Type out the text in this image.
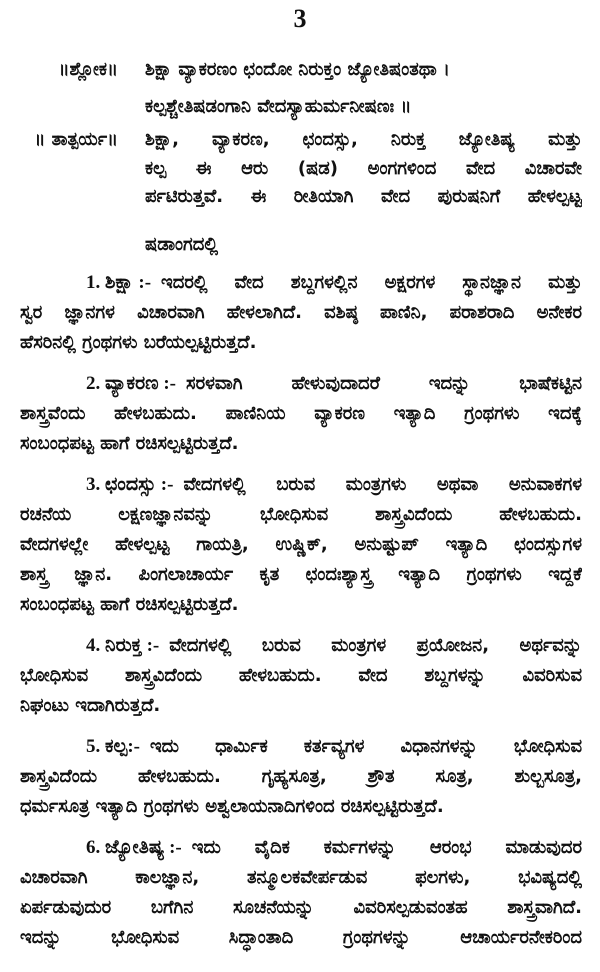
3
॥ಶ್ಲೋಕ॥ ಶಿಕ್ಷಾ ವ್ಯಾಕರಣಂ ಛಂದೋ ನಿರುಕ್ತಂ ಜ್ಯೋತಿಷಂತಥಾ ।
ಕಲ್ಪಶ್ಚೇತಿಷಡಂಗಾನಿ ವೇದಸ್ಯಾಹುರ್ಮನೀಷಣಃ ॥
॥ ತಾತ್ಪರ್ಯ॥ ಶಿಕ್ಷಾ, ವ್ಯಾಕರಣ, ಛಂದಸ್ಸು, ನಿರುಕ್ತ ಜ್ಯೋತಿಷ್ಯ ಮತ್ತು
ಕಲ್ಪ ಈ ಆರು (ಷಡ) ಅಂಗಗಳಿಂದ ವೇದ ವಿಚಾರವೇ
ರ್ಪಟಿರುತ್ತವೆ. ಈ ರೀತಿಯಾಗಿ ವೇದ ಪುರುಷನಿಗೆ ಹೇಳಲ್ಪಟ್ಟ
ಷಡಾಂಗದಲ್ಲಿ
1. ಶಿಕ್ಷಾ :- ಇದರಲ್ಲಿ ವೇದ ಶಬ್ದಗಳಲ್ಲಿನ ಅಕ್ಷರಗಳ ಸ್ಥಾನಜ್ಞಾನ ಮತ್ತು
ಸ್ವರ ಜ್ಞಾನಗಳ ವಿಚಾರವಾಗಿ ಹೇಳಲಾಗಿದೆ. ವಶಿಷ್ಠ ಪಾಣಿನಿ, ಪರಾಶರಾದಿ ಅನೇಕರ
ಹೆಸರಿನಲ್ಲಿ ಗ್ರಂಥಗಳು ಬರೆಯಲ್ಪಟ್ಟಿರುತ್ತದೆ.
2. ವ್ಯಾಕರಣ :- ಸರಳವಾಗಿ ಹೇಳುವುದಾದರೆ ಇದನ್ನು ಭಾಷೆಕಟ್ಟಿನ
ಶಾಸ್ತ್ರವೆಂದು ಹೇಳಬಹುದು. ಪಾಣಿನಿಯ ವ್ಯಾಕರಣ ಇತ್ಯಾದಿ ಗ್ರಂಥಗಳು ಇದಕ್ಕೆ
ಸಂಬಂಧಪಟ್ಟ ಹಾಗೆ ರಚಿಸಲ್ಪಟ್ಟಿರುತ್ತದೆ.
3. ಛಂದಸ್ಸು :- ವೇದಗಳಲ್ಲಿ ಬರುವ ಮಂತ್ರಗಳು ಅಥವಾ ಅನುವಾಕಗಳ
ರಚನೆಯ ಲಕ್ಷಣಜ್ಞಾನವನ್ನು ಭೋಧಿಸುವ ಶಾಸ್ತ್ರವಿದೆಂದು ಹೇಳಬಹುದು.
ವೇದಗಳಲ್ಲೇ ಹೇಳಲ್ಪಟ್ಟ ಗಾಯತ್ರಿ, ಉಷ್ಣಿಕ್, ಅನುಷ್ಟುಪ್ ಇತ್ಯಾದಿ ಛಂದಸ್ಸುಗಳ
ಶಾಸ್ತ್ರ ಜ್ಞಾನ. ಪಿಂಗಲಾಚಾರ್ಯ ಕೃತ ಛಂದಃಶ್ಯಾಸ್ತ್ರ ಇತ್ಯಾದಿ ಗ್ರಂಥಗಳು ಇದ್ದಕೆ
ಸಂಬಂಧಪಟ್ಟ ಹಾಗೆ ರಚಿಸಲ್ಪಟ್ಟಿರುತ್ತದೆ.
4. ನಿರುಕ್ತ :- ವೇದಗಳಲ್ಲಿ ಬರುವ ಮಂತ್ರಗಳ ಪ್ರಯೋಜನ, ಅರ್ಥವನ್ನು
ಭೋಧಿಸುವ ಶಾಸ್ತ್ರವಿದೆಂದು ಹೇಳಬಹುದು. ವೇದ ಶಬ್ದಗಳನ್ನು ವಿವರಿಸುವ
ನಿಘಂಟು ಇದಾಗಿರುತ್ತದೆ.
5. ಕಲ್ಪ:- ಇದು ಧಾರ್ಮಿಕ ಕರ್ತವ್ಯಗಳ ವಿಧಾನಗಳನ್ನು ಭೋಧಿಸುವ
ಶಾಸ್ತ್ರವಿದೆಂದು ಹೇಳಬಹುದು. ಗೃಹ್ಯಸೂತ್ರ, ಶ್ರೌತ ಸೂತ್ರ, ಶುಲ್ಬಸೂತ್ರ,
ಧರ್ಮಸೂತ್ರ ಇತ್ಯಾದಿ ಗ್ರಂಥಗಳು ಅಶ್ವಲಾಯನಾದಿಗಳಿಂದ ರಚಿಸಲ್ಪಟ್ಟಿರುತ್ತದೆ.
6. ಜ್ಯೋತಿಷ್ಯ :- ಇದು ವೈದಿಕ ಕರ್ಮಗಳನ್ನು ಆರಂಭ ಮಾಡುವುದರ
ವಿಚಾರವಾಗಿ ಕಾಲಜ್ಞಾನ, ತನ್ಮೂಲಕವೇರ್ಪಡುವ ಫಲಗಳು, ಭವಿಷ್ಯದಲ್ಲಿ
ಏರ್ಪಡುವುದುರ ಬಗೆಗಿನ ಸೂಚನೆಯನ್ನು ವಿವರಿಸಲ್ಪಡುವಂತಹ ಶಾಸ್ತ್ರವಾಗಿದೆ.
ಇದನ್ನು ಭೋಧಿಸುವ ಸಿದ್ಧಾಂತಾದಿ ಗ್ರಂಥಗಳನ್ನು ಆಚಾರ್ಯರನೇಕರಿಂದ
